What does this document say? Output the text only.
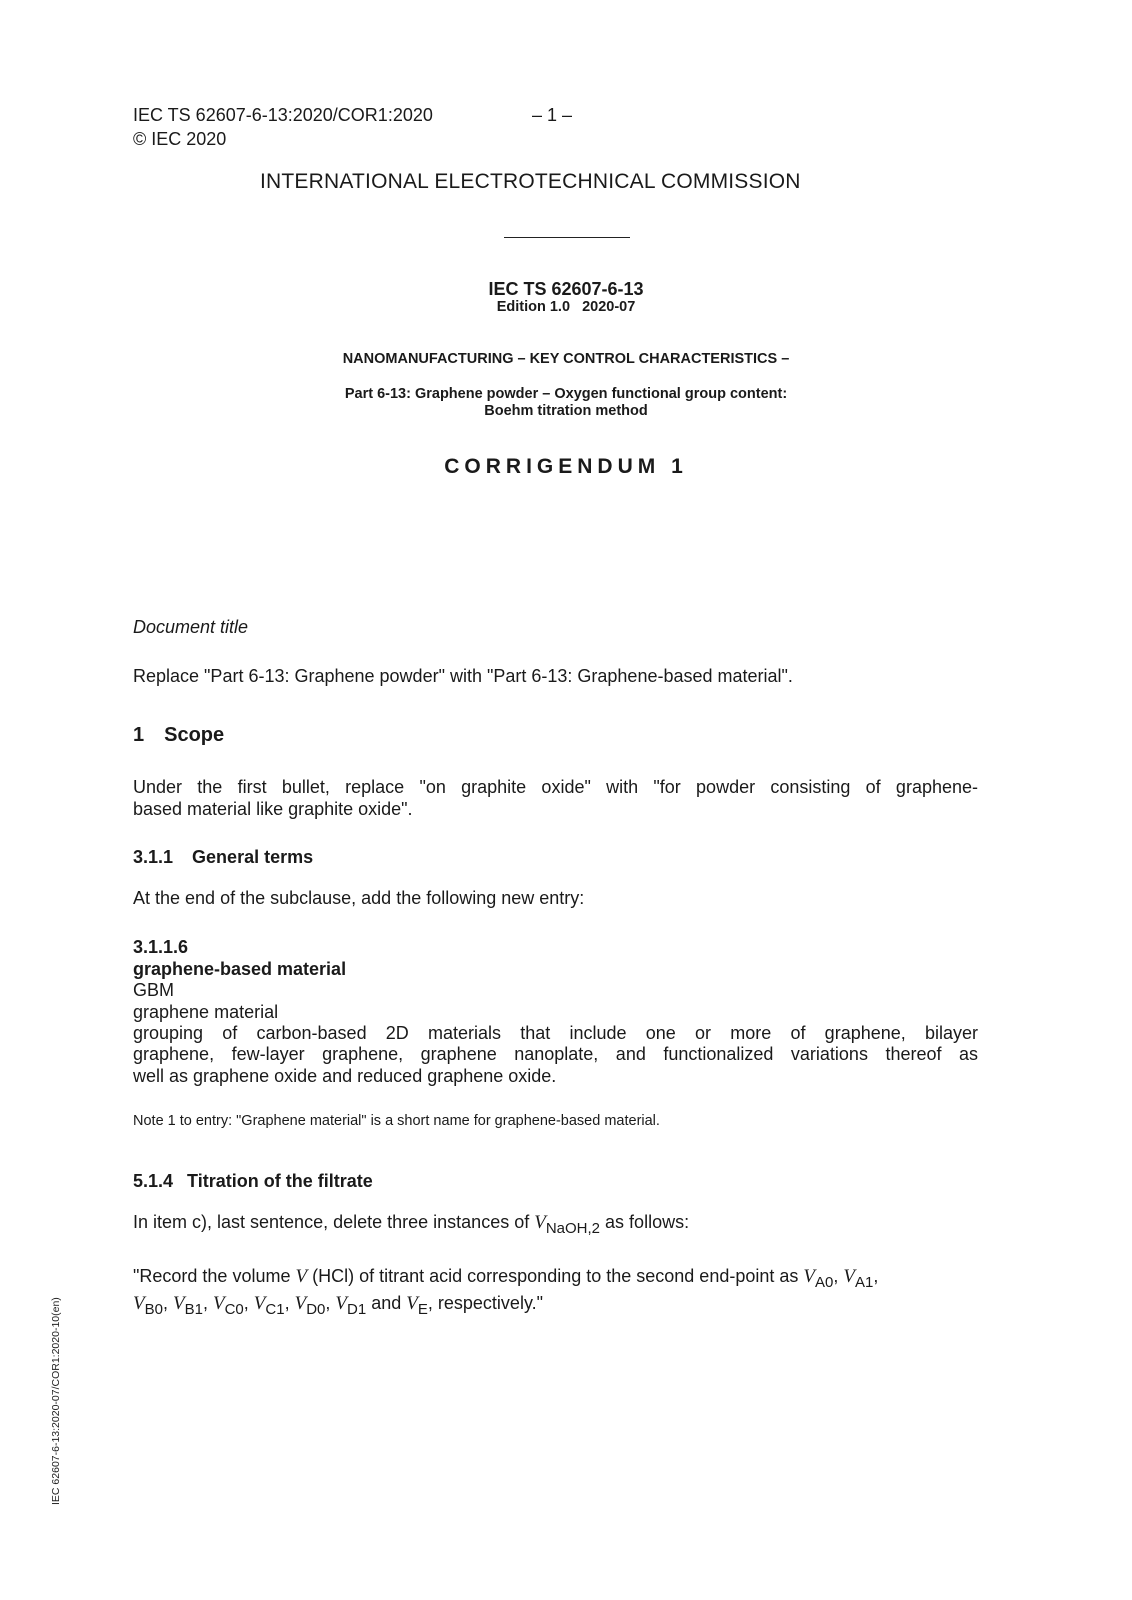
IEC TS 62607-6-13:2020/COR1:2020
© IEC 2020
– 1 –
INTERNATIONAL ELECTROTECHNICAL COMMISSION
IEC TS 62607-6-13
Edition 1.0   2020-07
NANOMANUFACTURING – KEY CONTROL CHARACTERISTICS –
Part 6-13: Graphene powder – Oxygen functional group content:
Boehm titration method
CORRIGENDUM 1
Document title
Replace "Part 6-13: Graphene powder" with "Part 6-13: Graphene-based material".
1 Scope
Under the first bullet, replace "on graphite oxide" with "for powder consisting of graphene-
based material like graphite oxide".
3.1.1 General terms
At the end of the subclause, add the following new entry:
3.1.1.6
graphene-based material
GBM
graphene material
grouping of carbon-based 2D materials that include one or more of graphene, bilayer
graphene, few-layer graphene, graphene nanoplate, and functionalized variations thereof as
well as graphene oxide and reduced graphene oxide.
Note 1 to entry: "Graphene material" is a short name for graphene-based material.
5.1.4 Titration of the filtrate
In item c), last sentence, delete three instances of $V_{NaOH,2}$ as follows:
"Record the volume V (HCl) of titrant acid corresponding to the second end-point as $V_{A0}$, $V_{A1}$,
$V_{B0}$, $V_{B1}$, $V_{C0}$, $V_{C1}$, $V_{D0}$, $V_{D1}$ and $V_E$, respectively."
IEC 62607-6-13:2020-07/COR1:2020-10(en)
